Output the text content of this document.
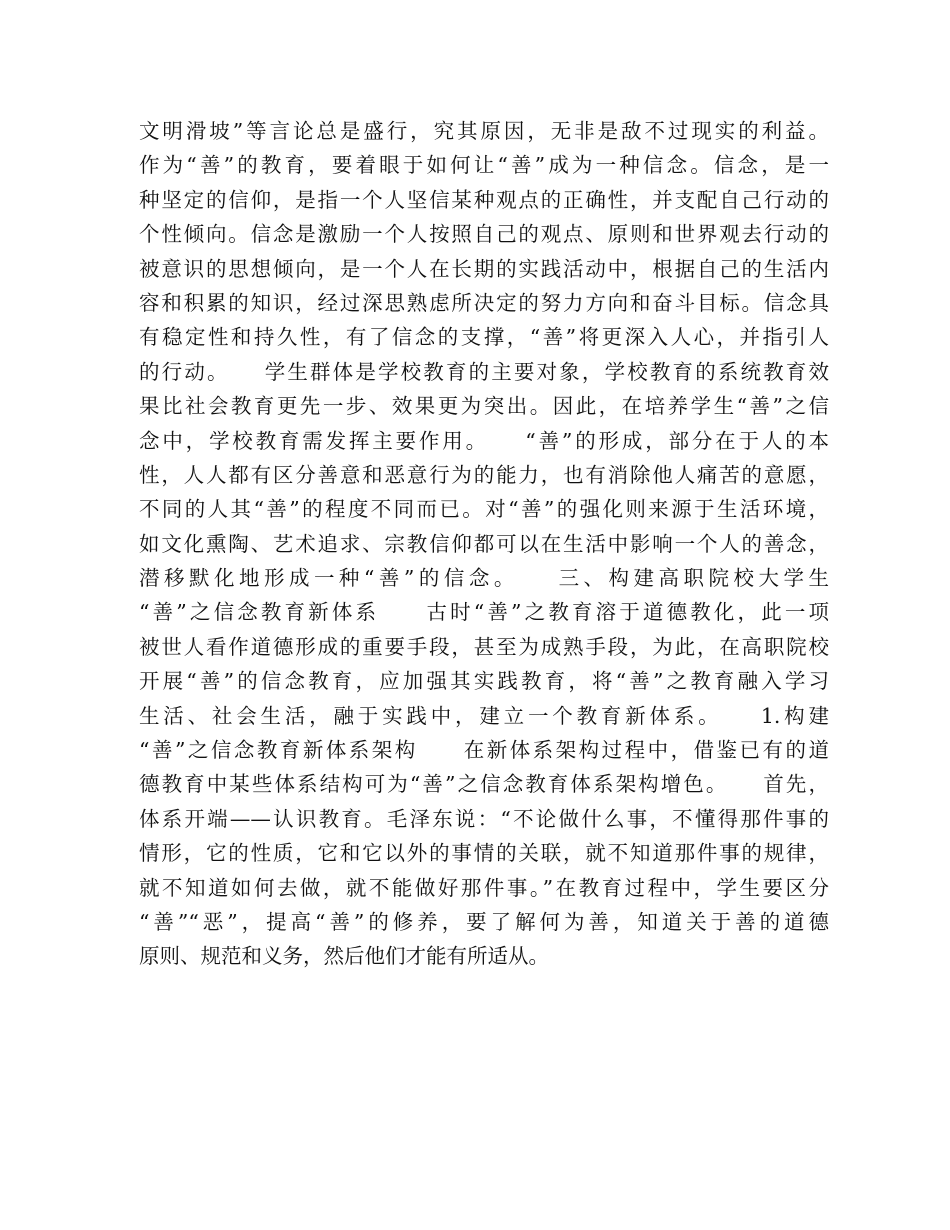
文明滑坡”等言论总是盛行，究其原因，无非是敌不过现实的利益。
作为“善”的教育，要着眼于如何让“善”成为一种信念。信念，是一
种坚定的信仰，是指一个人坚信某种观点的正确性，并支配自己行动的
个性倾向。信念是激励一个人按照自己的观点、原则和世界观去行动的
被意识的思想倾向，是一个人在长期的实践活动中，根据自己的生活内
容和积累的知识，经过深思熟虑所决定的努力方向和奋斗目标。信念具
有稳定性和持久性，有了信念的支撑，“善”将更深入人心，并指引人
的行动。　　学生群体是学校教育的主要对象，学校教育的系统教育效
果比社会教育更先一步、效果更为突出。因此，在培养学生“善”之信
念中，学校教育需发挥主要作用。　　“善”的形成，部分在于人的本
性，人人都有区分善意和恶意行为的能力，也有消除他人痛苦的意愿，
不同的人其“善”的程度不同而已。对“善”的强化则来源于生活环境，
如文化熏陶、艺术追求、宗教信仰都可以在生活中影响一个人的善念，
潜移默化地形成一种“善”的信念。　　三、构建高职院校大学生
“善”之信念教育新体系　　古时“善”之教育溶于道德教化，此一项
被世人看作道德形成的重要手段，甚至为成熟手段，为此，在高职院校
开展“善”的信念教育，应加强其实践教育，将“善”之教育融入学习
生活、社会生活，融于实践中，建立一个教育新体系。　　1.构建
“善”之信念教育新体系架构　　在新体系架构过程中，借鉴已有的道
德教育中某些体系结构可为“善”之信念教育体系架构增色。　　首先，
体系开端——认识教育。毛泽东说：“不论做什么事，不懂得那件事的
情形，它的性质，它和它以外的事情的关联，就不知道那件事的规律，
就不知道如何去做，就不能做好那件事。”在教育过程中，学生要区分
“善”“恶”，提高“善”的修养，要了解何为善，知道关于善的道德
原则、规范和义务，然后他们才能有所适从。
